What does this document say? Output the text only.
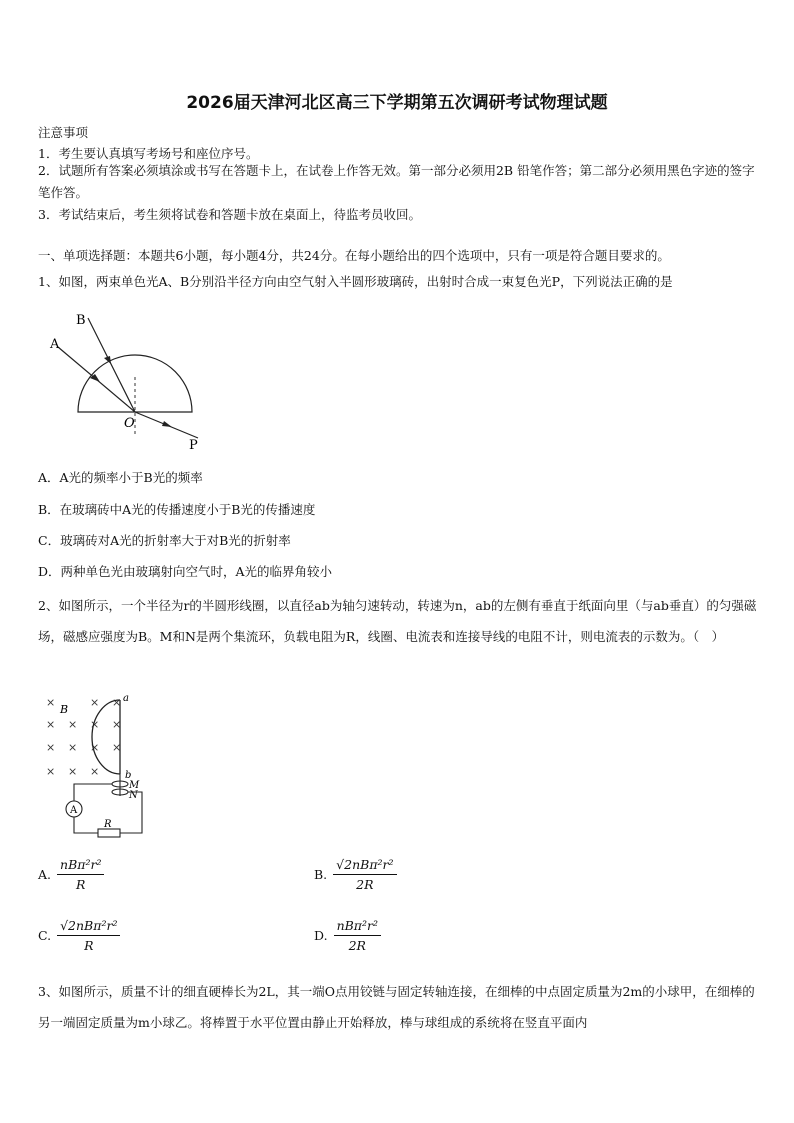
2026届天津河北区高三下学期第五次调研考试物理试题
注意事项
1．考生要认真填写考场号和座位序号。
2．试题所有答案必须填涂或书写在答题卡上，在试卷上作答无效。第一部分必须用2B 铅笔作答；第二部分必须用黑色字迹的签字笔作答。
3．考试结束后，考生须将试卷和答题卡放在桌面上，待监考员收回。
一、单项选择题：本题共6小题，每小题4分，共24分。在每小题给出的四个选项中，只有一项是符合题目要求的。
1、如图，两束单色光A、B分别沿半径方向由空气射入半圆形玻璃砖，出射时合成一束复色光P，下列说法正确的是
A
B
O
P
A．A光的频率小于B光的频率
B．在玻璃砖中A光的传播速度小于B光的传播速度
C．玻璃砖对A光的折射率大于对B光的折射率
D．两种单色光由玻璃射向空气时，A光的临界角较小
2、如图所示，一个半径为r的半圆形线圈，以直径ab为轴匀速转动，转速为n，ab的左侧有垂直于纸面向里（与ab垂直）的匀强磁场，磁感应强度为B。M和N是两个集流环，负载电阻为R，线圈、电流表和连接导线的电阻不计，则电流表的示数为。（　）
×	× ×
× × × ×
× × × ×
× × ×
B
a
b
M
N
A
R
A. $\frac{\text{nBπ²r²}}{R}$	B. $\frac{\text{√2nBπ²r²}}{2R}$
C. $\frac{\text{√2nBπ²r²}}{R}$	D. $\frac{\text{nBπ²r²}}{2R}$
3、如图所示，质量不计的细直硬棒长为2L，其一端O点用铰链与固定转轴连接，在细棒的中点固定质量为2m的小球甲，在细棒的另一端固定质量为m小球乙。将棒置于水平位置由静止开始释放，棒与球组成的系统将在竖直平面内
